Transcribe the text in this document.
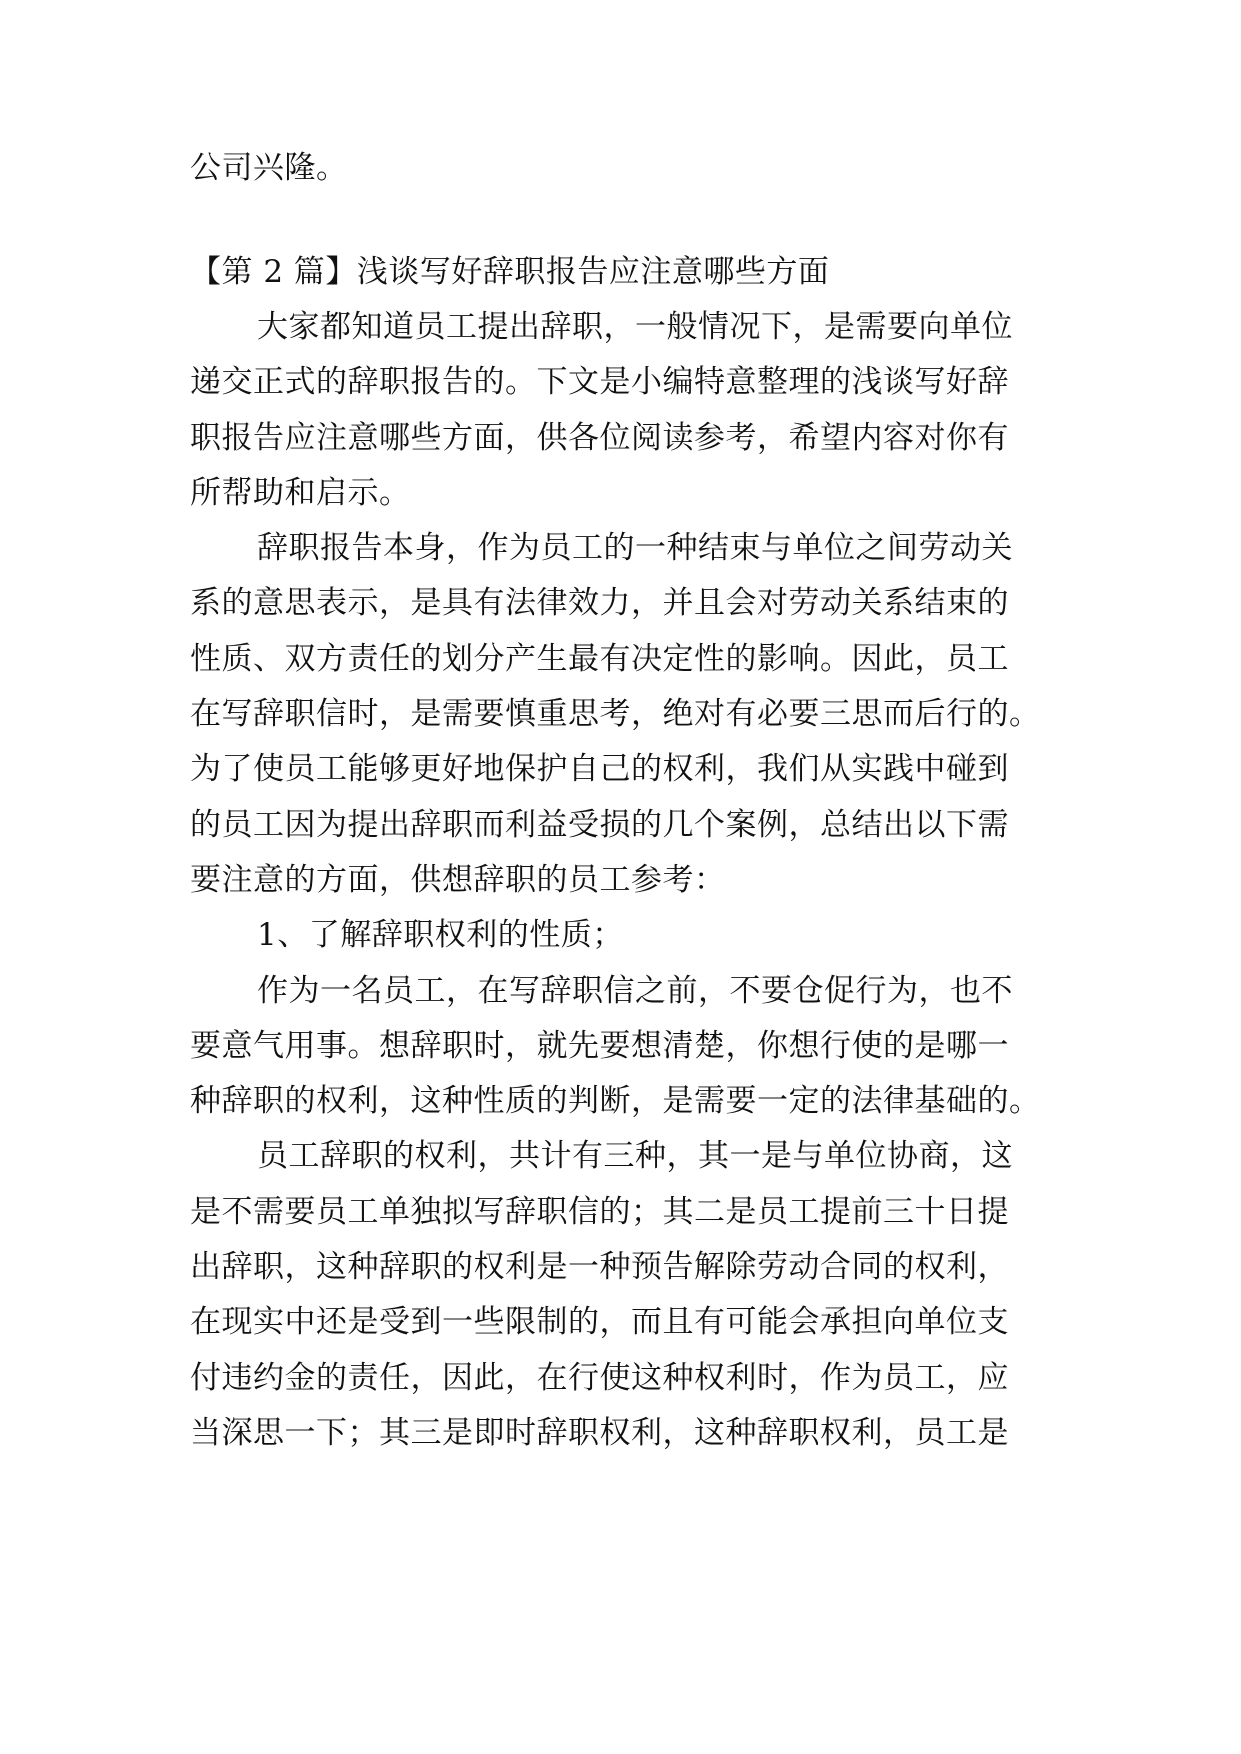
公司兴隆。
【第 2 篇】浅谈写好辞职报告应注意哪些方面
大家都知道员工提出辞职，一般情况下，是需要向单位
递交正式的辞职报告的。下文是小编特意整理的浅谈写好辞
职报告应注意哪些方面，供各位阅读参考，希望内容对你有
所帮助和启示。
辞职报告本身，作为员工的一种结束与单位之间劳动关
系的意思表示，是具有法律效力，并且会对劳动关系结束的
性质、双方责任的划分产生最有决定性的影响。因此，员工
在写辞职信时，是需要慎重思考，绝对有必要三思而后行的。
为了使员工能够更好地保护自己的权利，我们从实践中碰到
的员工因为提出辞职而利益受损的几个案例，总结出以下需
要注意的方面，供想辞职的员工参考：
1、了解辞职权利的性质；
作为一名员工，在写辞职信之前，不要仓促行为，也不
要意气用事。想辞职时，就先要想清楚，你想行使的是哪一
种辞职的权利，这种性质的判断，是需要一定的法律基础的。
员工辞职的权利，共计有三种，其一是与单位协商，这
是不需要员工单独拟写辞职信的；其二是员工提前三十日提
出辞职，这种辞职的权利是一种预告解除劳动合同的权利，
在现实中还是受到一些限制的，而且有可能会承担向单位支
付违约金的责任，因此，在行使这种权利时，作为员工，应
当深思一下；其三是即时辞职权利，这种辞职权利，员工是
